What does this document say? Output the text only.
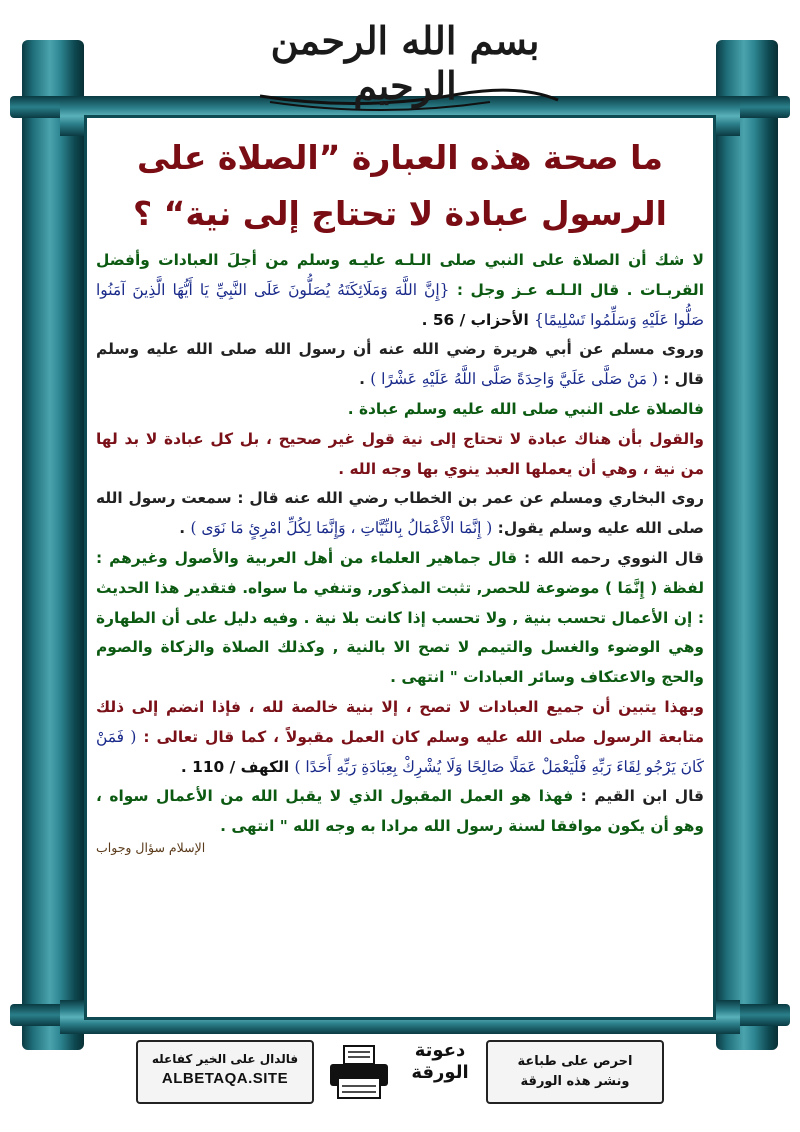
بسم الله الرحمن الرحيم
ما صحة هذه العبارة ”الصلاة على
الرسول عبادة لا تحتاج إلى نية“ ؟

لا شك أن الصلاة على النبي صلى الـلـه عليـه وسلم من أجلَ العبادات وأفضل القربـات . قال الـلـه عـز وجل : {إِنَّ اللَّهَ وَمَلَائِكَتَهُ يُصَلُّونَ عَلَى النَّبِيِّ يَا أَيُّهَا الَّذِينَ آمَنُوا صَلُّوا عَلَيْهِ وَسَلِّمُوا تَسْلِيمًا} الأحزاب / 56 .

وروى مسلم عن أبي هريرة رضي الله عنه أن رسول الله صلى الله عليه وسلم قال : ( مَنْ صَلَّى عَلَيَّ وَاحِدَةً صَلَّى اللَّهُ عَلَيْهِ عَشْرًا ) .

فالصلاة على النبي صلى الله عليه وسلم عبادة .

والقول بأن هناك عبادة لا تحتاج إلى نية قول غير صحيح ، بل كل عبادة لا بد لها من نية ، وهي أن يعملها العبد ينوي بها وجه الله .

روى البخاري ومسلم عن عمر بن الخطاب رضي الله عنه قال : سمعت رسول الله صلى الله عليه وسلم يقول: ( إِنَّمَا الْأَعْمَالُ بِالنِّيَّاتِ ، وَإِنَّمَا لِكُلِّ امْرِئٍ مَا نَوَى ) .

قال النووي رحمه الله : قال جماهير العلماء من أهل العربية والأصول وغيرهم : لفظة ( إِنَّمَا ) موضوعة للحصر, تثبت المذكور, وتنفي ما سواه. فتقدير هذا الحديث : إن الأعمال تحسب بنية , ولا تحسب إذا كانت بلا نية . وفيه دليل على أن الطهارة وهي الوضوء والغسل والتيمم لا تصح الا بالنية , وكذلك الصلاة والزكاة والصوم والحج والاعتكاف وسائر العبادات " انتهى .

وبهذا يتبين أن جميع العبادات لا تصح ، إلا بنية خالصة لله ، فإذا انضم إلى ذلك متابعة الرسول صلى الله عليه وسلم كان العمل مقبولاً ، كما قال تعالى : ( فَمَنْ كَانَ يَرْجُو لِقَاءَ رَبِّهِ فَلْيَعْمَلْ عَمَلًا صَالِحًا وَلَا يُشْرِكْ بِعِبَادَةِ رَبِّهِ أَحَدًا ) الكهف / 110 .

قال ابن القيم : فهذا هو العمل المقبول الذي لا يقبل الله من الأعمال سواه ، وهو أن يكون موافقا لسنة رسول الله مرادا به وجه الله " انتهى .

الإسلام سؤال وجواب
فالدال على الخير كفاعله
ALBETAQA.SITE
دعوتة
الورقة
احرص على طباعة
ونشر هذه الورقة
